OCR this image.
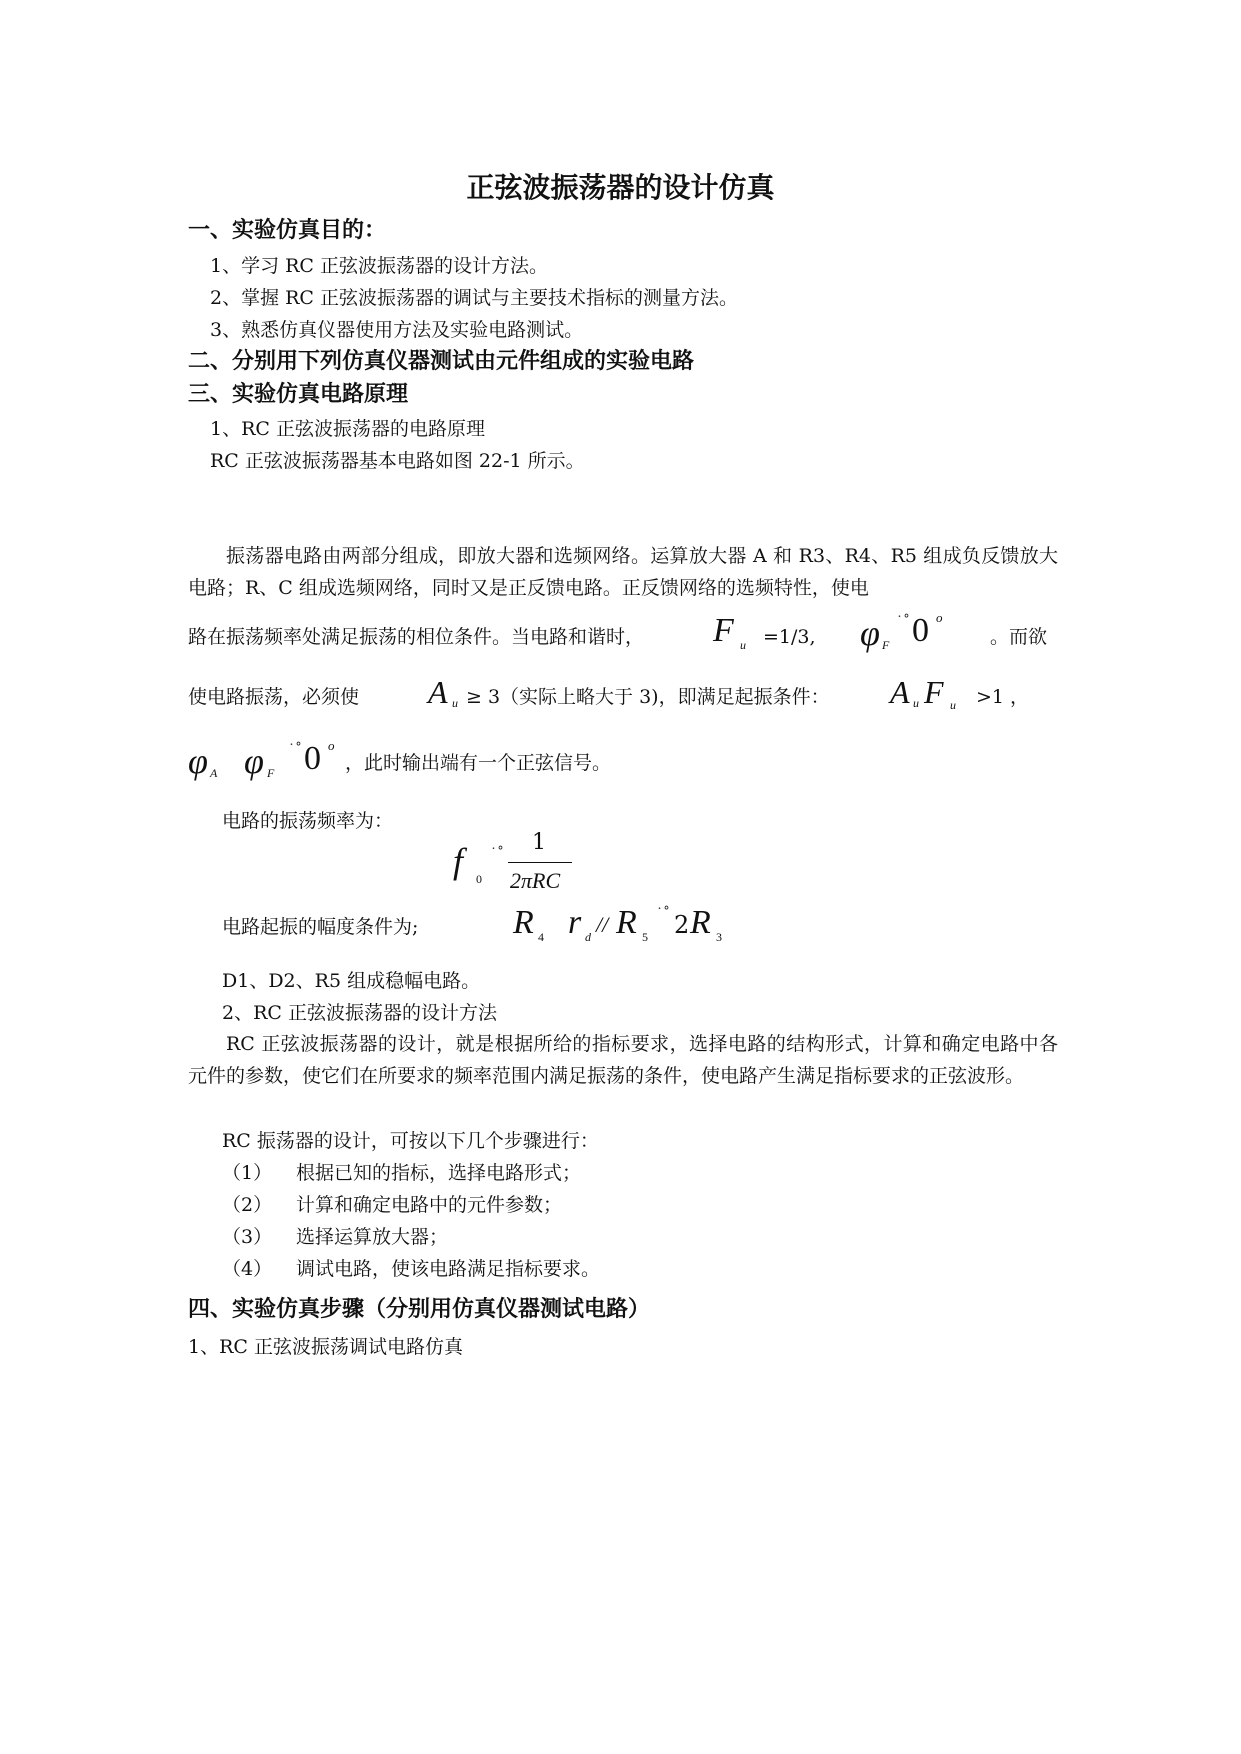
正弦波振荡器的设计仿真
一、实验仿真目的：
1、学习 RC 正弦波振荡器的设计方法。
2、掌握 RC 正弦波振荡器的调试与主要技术指标的测量方法。
3、熟悉仿真仪器使用方法及实验电路测试。
二、分别用下列仿真仪器测试由元件组成的实验电路
三、实验仿真电路原理
1、RC 正弦波振荡器的电路原理
RC 正弦波振荡器基本电路如图 22-1 所示。
振荡器电路由两部分组成，即放大器和选频网络。运算放大器 A 和 R3、R4、R5 组成负反馈放大电路；R、C 组成选频网络，同时又是正反馈电路。正反馈网络的选频特性，使电
路在振荡频率处满足振荡的相位条件。当电路和谐时， F u =1/3, φ F
˙˚ 0 o
。而欲
使电路振荡，必须使 A u ≥ 3（实际上略大于 3)，即满足起振条件： A u F u >1 ，
φ A φ F
˙˚ 0 o
，此时输出端有一个正弦信号。
电路的振荡频率为：
f 0
˙˚ 1
2πRC
电路起振的幅度条件为;	R 4 r d // R 5
˙˚ 2 R 3
D1、D2、R5 组成稳幅电路。
2、RC 正弦波振荡器的设计方法
RC 正弦波振荡器的设计，就是根据所给的指标要求，选择电路的结构形式，计算和确定电路中各元件的参数，使它们在所要求的频率范围内满足振荡的条件，使电路产生满足指标要求的正弦波形。
RC 振荡器的设计，可按以下几个步骤进行：
（1） 根据已知的指标，选择电路形式；
（2） 计算和确定电路中的元件参数；
（3） 选择运算放大器；
（4） 调试电路，使该电路满足指标要求。
四、实验仿真步骤（分别用仿真仪器测试电路）
1、RC 正弦波振荡调试电路仿真
